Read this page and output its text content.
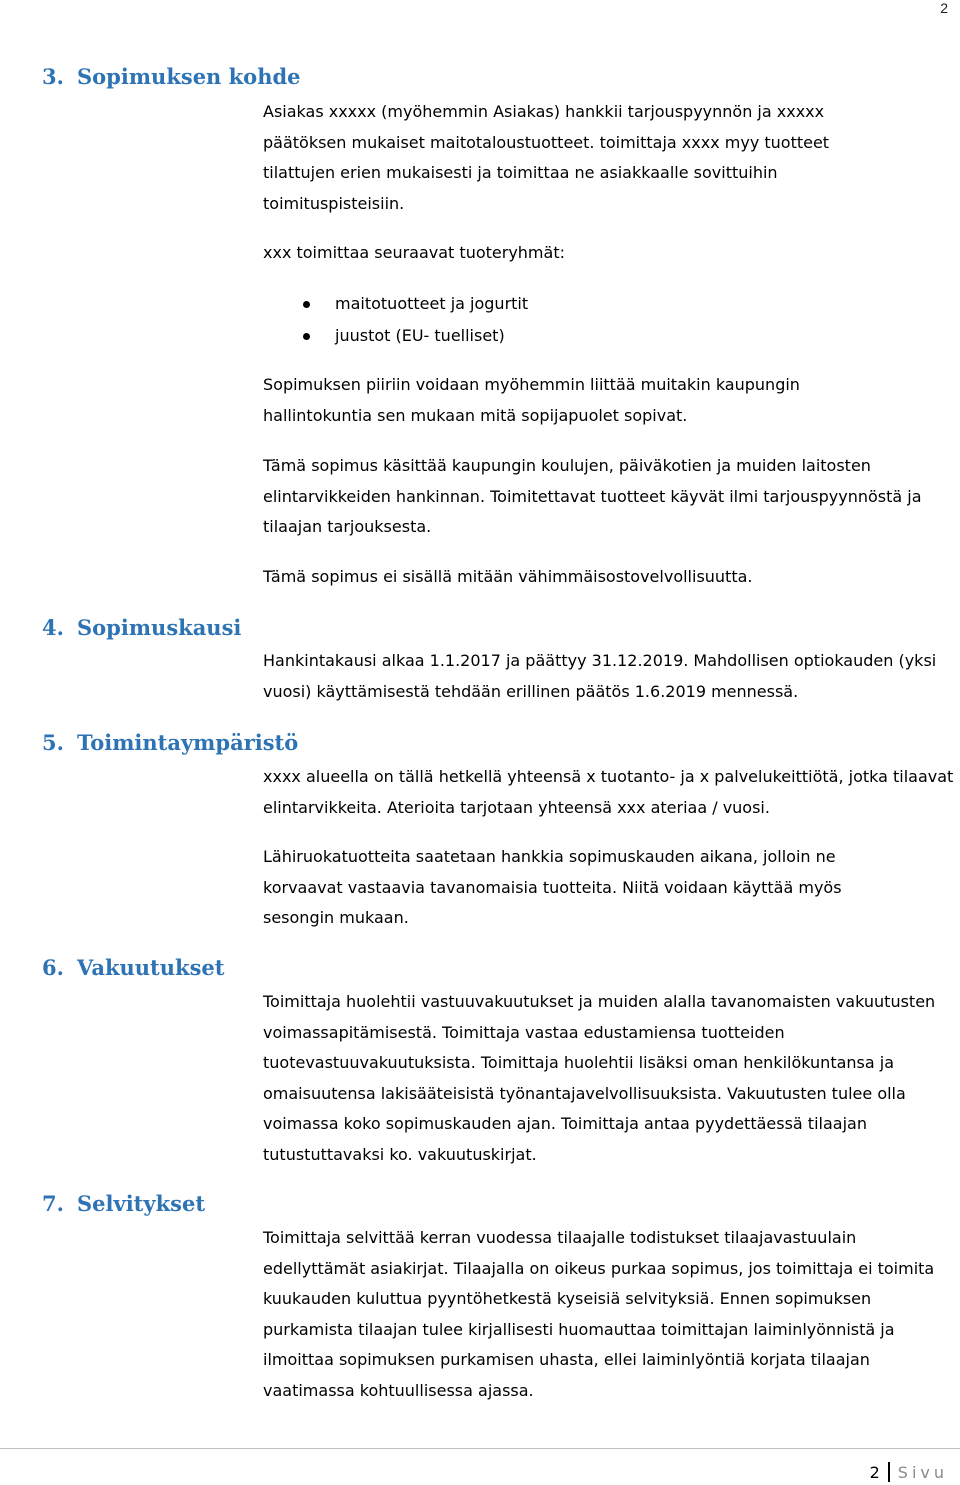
2
3. Sopimuksen kohde

Asiakas xxxxx (myöhemmin Asiakas) hankkii tarjouspyynnön ja xxxxx päätöksen mukaiset maitotaloustuotteet. toimittaja xxxx myy tuotteet tilattujen erien mukaisesti ja toimittaa ne asiakkaalle sovittuihin toimituspisteisiin.

xxx toimittaa seuraavat tuoteryhmät:

maitotuotteet ja jogurtit
juustot (EU- tuelliset)

Sopimuksen piiriin voidaan myöhemmin liittää muitakin kaupungin hallintokuntia sen mukaan mitä sopijapuolet sopivat.

Tämä sopimus käsittää kaupungin koulujen, päiväkotien ja muiden laitosten elintarvikkeiden hankinnan. Toimitettavat tuotteet käyvät ilmi tarjouspyynnöstä ja tilaajan tarjouksesta.

Tämä sopimus ei sisällä mitään vähimmäisostovelvollisuutta.

4. Sopimuskausi

Hankintakausi alkaa 1.1.2017 ja päättyy 31.12.2019. Mahdollisen optiokauden (yksi vuosi) käyttämisestä tehdään erillinen päätös 1.6.2019 mennessä.

5. Toimintaympäristö

xxxx alueella on tällä hetkellä yhteensä x tuotanto- ja x palvelukeittiötä, jotka tilaavat elintarvikkeita. Aterioita tarjotaan yhteensä xxx ateriaa / vuosi.

Lähiruokatuotteita saatetaan hankkia sopimuskauden aikana, jolloin ne korvaavat vastaavia tavanomaisia tuotteita. Niitä voidaan käyttää myös sesongin mukaan.

6. Vakuutukset

Toimittaja huolehtii vastuuvakuutukset ja muiden alalla tavanomaisten vakuutusten voimassapitämisestä. Toimittaja vastaa edustamiensa tuotteiden tuotevastuuvakuutuksista. Toimittaja huolehtii lisäksi oman henkilökuntansa ja omaisuutensa lakisääteisistä työnantajavelvollisuuksista. Vakuutusten tulee olla voimassa koko sopimuskauden ajan. Toimittaja antaa pyydettäessä tilaajan tutustuttavaksi ko. vakuutuskirjat.

7. Selvitykset

Toimittaja selvittää kerran vuodessa tilaajalle todistukset tilaajavastuulain edellyttämät asiakirjat. Tilaajalla on oikeus purkaa sopimus, jos toimittaja ei toimita kuukauden kuluttua pyyntöhetkestä kyseisiä selvityksiä. Ennen sopimuksen purkamista tilaajan tulee kirjallisesti huomauttaa toimittajan laiminlyönnistä ja ilmoittaa sopimuksen purkamisen uhasta, ellei laiminlyöntiä korjata tilaajan vaatimassa kohtuullisessa ajassa.

2 Sivu
